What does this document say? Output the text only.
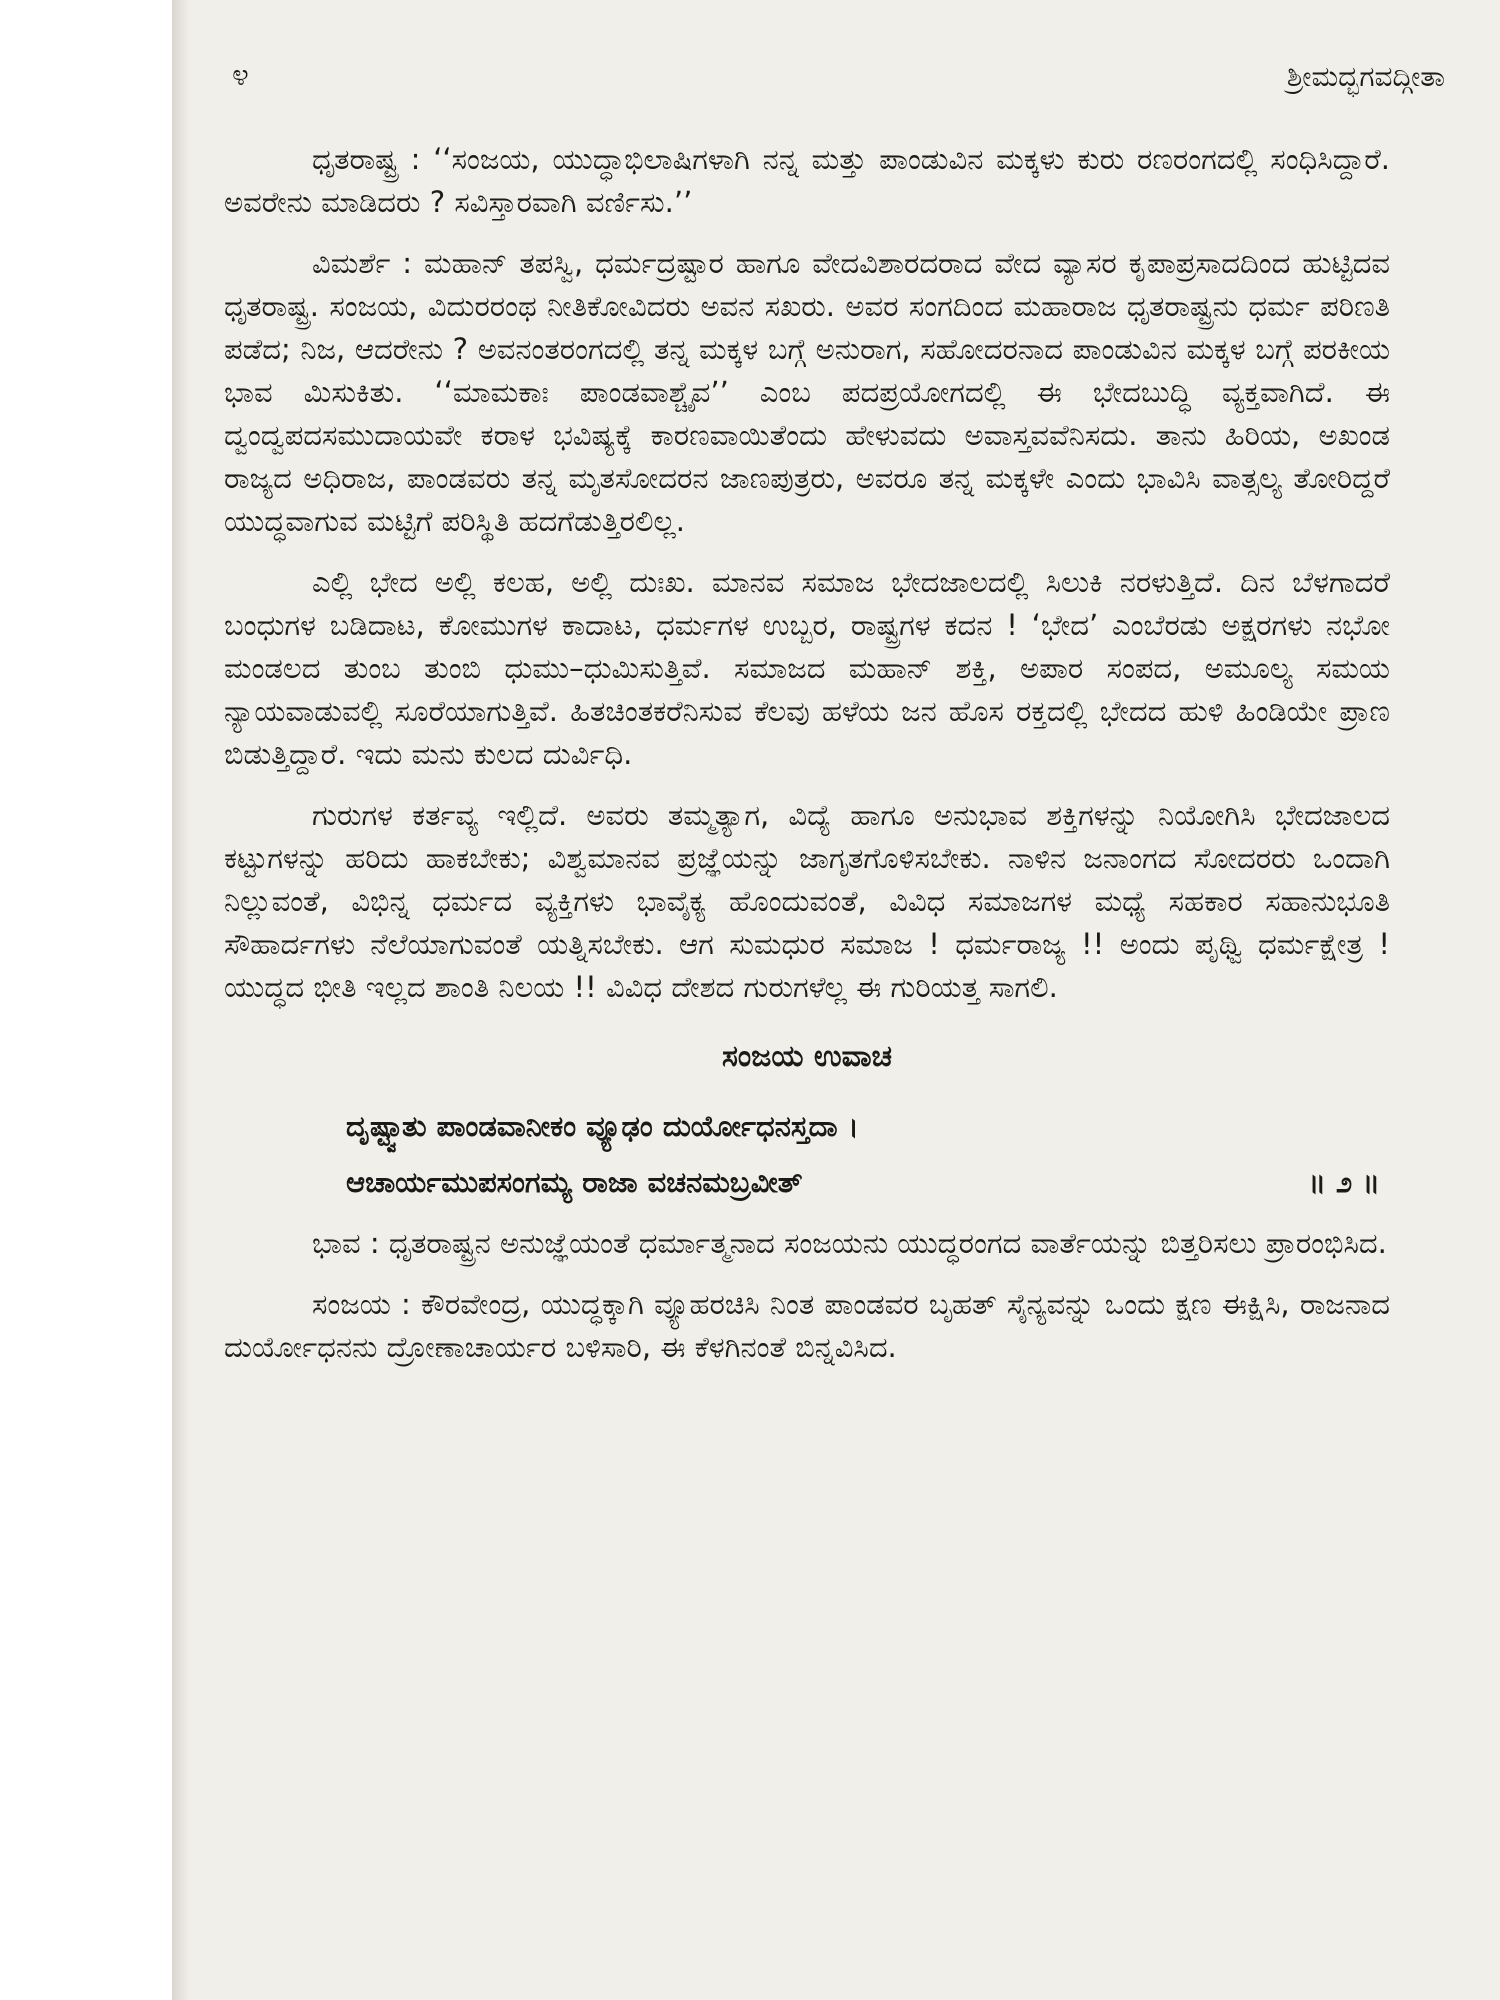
೪	ಶ್ರೀಮದ್ಭಗವದ್ಗೀತಾ

ಧೃತರಾಷ್ಟ್ರ : ‘‘ಸಂಜಯ, ಯುದ್ಧಾಭಿಲಾಷಿಗಳಾಗಿ ನನ್ನ ಮತ್ತು ಪಾಂಡುವಿನ ಮಕ್ಕಳು ಕುರು ರಣರಂಗದಲ್ಲಿ ಸಂಧಿಸಿದ್ದಾರೆ. ಅವರೇನು ಮಾಡಿದರು ? ಸವಿಸ್ತಾರವಾಗಿ ವರ್ಣಿಸು.’’

ವಿಮರ್ಶೆ : ಮಹಾನ್ ತಪಸ್ವಿ, ಧರ್ಮದ್ರಷ್ಟಾರ ಹಾಗೂ ವೇದವಿಶಾರದರಾದ ವೇದ ವ್ಯಾಸರ ಕೃಪಾಪ್ರಸಾದದಿಂದ ಹುಟ್ಟಿದವ ಧೃತರಾಷ್ಟ್ರ. ಸಂಜಯ, ವಿದುರರಂಥ ನೀತಿಕೋವಿದರು ಅವನ ಸಖರು. ಅವರ ಸಂಗದಿಂದ ಮಹಾರಾಜ ಧೃತರಾಷ್ಟ್ರನು ಧರ್ಮ ಪರಿಣತಿ ಪಡೆದ; ನಿಜ, ಆದರೇನು ? ಅವನಂತರಂಗದಲ್ಲಿ ತನ್ನ ಮಕ್ಕಳ ಬಗ್ಗೆ ಅನುರಾಗ, ಸಹೋದರನಾದ ಪಾಂಡುವಿನ ಮಕ್ಕಳ ಬಗ್ಗೆ ಪರಕೀಯ ಭಾವ ಮಿಸುಕಿತು. ‘‘ಮಾಮಕಾಃ ಪಾಂಡವಾಶ್ಚೈವ’’ ಎಂಬ ಪದಪ್ರಯೋಗದಲ್ಲಿ ಈ ಭೇದಬುದ್ಧಿ ವ್ಯಕ್ತವಾಗಿದೆ. ಈ ದ್ವಂದ್ವಪದಸಮುದಾಯವೇ ಕರಾಳ ಭವಿಷ್ಯಕ್ಕೆ ಕಾರಣವಾಯಿತೆಂದು ಹೇಳುವದು ಅವಾಸ್ತವವೆನಿಸದು. ತಾನು ಹಿರಿಯ, ಅಖಂಡ ರಾಜ್ಯದ ಅಧಿರಾಜ, ಪಾಂಡವರು ತನ್ನ ಮೃತಸೋದರನ ಜಾಣಪುತ್ರರು, ಅವರೂ ತನ್ನ ಮಕ್ಕಳೇ ಎಂದು ಭಾವಿಸಿ ವಾತ್ಸಲ್ಯ ತೋರಿದ್ದರೆ ಯುದ್ಧವಾಗುವ ಮಟ್ಟಿಗೆ ಪರಿಸ್ಥಿತಿ ಹದಗೆಡುತ್ತಿರಲಿಲ್ಲ.

ಎಲ್ಲಿ ಭೇದ ಅಲ್ಲಿ ಕಲಹ, ಅಲ್ಲಿ ದುಃಖ. ಮಾನವ ಸಮಾಜ ಭೇದಜಾಲದಲ್ಲಿ ಸಿಲುಕಿ ನರಳುತ್ತಿದೆ. ದಿನ ಬೆಳಗಾದರೆ ಬಂಧುಗಳ ಬಡಿದಾಟ, ಕೋಮುಗಳ ಕಾದಾಟ, ಧರ್ಮಗಳ ಉಬ್ಬರ, ರಾಷ್ಟ್ರಗಳ ಕದನ ! ‘ಭೇದ’ ಎಂಬೆರಡು ಅಕ್ಷರಗಳು ನಭೋ ಮಂಡಲದ ತುಂಬ ತುಂಬಿ ಧುಮು–ಧುಮಿಸುತ್ತಿವೆ. ಸಮಾಜದ ಮಹಾನ್ ಶಕ್ತಿ, ಅಪಾರ ಸಂಪದ, ಅಮೂಲ್ಯ ಸಮಯ ನ್ಯಾಯವಾಡುವಲ್ಲಿ ಸೂರೆಯಾಗುತ್ತಿವೆ. ಹಿತಚಿಂತಕರೆನಿಸುವ ಕೆಲವು ಹಳೆಯ ಜನ ಹೊಸ ರಕ್ತದಲ್ಲಿ ಭೇದದ ಹುಳಿ ಹಿಂಡಿಯೇ ಪ್ರಾಣ ಬಿಡುತ್ತಿದ್ದಾರೆ. ಇದು ಮನು ಕುಲದ ದುರ್ವಿಧಿ.

ಗುರುಗಳ ಕರ್ತವ್ಯ ಇಲ್ಲಿದೆ. ಅವರು ತಮ್ಮತ್ಯಾಗ, ವಿದ್ಯೆ ಹಾಗೂ ಅನುಭಾವ ಶಕ್ತಿಗಳನ್ನು ನಿಯೋಗಿಸಿ ಭೇದಜಾಲದ ಕಟ್ಟುಗಳನ್ನು ಹರಿದು ಹಾಕಬೇಕು; ವಿಶ್ವಮಾನವ ಪ್ರಜ್ಞೆಯನ್ನು ಜಾಗೃತಗೊಳಿಸಬೇಕು. ನಾಳಿನ ಜನಾಂಗದ ಸೋದರರು ಒಂದಾಗಿ ನಿಲ್ಲುವಂತೆ, ವಿಭಿನ್ನ ಧರ್ಮದ ವ್ಯಕ್ತಿಗಳು ಭಾವೈಕ್ಯ ಹೊಂದುವಂತೆ, ವಿವಿಧ ಸಮಾಜಗಳ ಮಧ್ಯೆ ಸಹಕಾರ ಸಹಾನುಭೂತಿ ಸೌಹಾರ್ದಗಳು ನೆಲೆಯಾಗುವಂತೆ ಯತ್ನಿಸಬೇಕು. ಆಗ ಸುಮಧುರ ಸಮಾಜ ! ಧರ್ಮರಾಜ್ಯ !! ಅಂದು ಪೃಥ್ವಿ ಧರ್ಮಕ್ಷೇತ್ರ ! ಯುದ್ಧದ ಭೀತಿ ಇಲ್ಲದ ಶಾಂತಿ ನಿಲಯ !! ವಿವಿಧ ದೇಶದ ಗುರುಗಳೆಲ್ಲ ಈ ಗುರಿಯತ್ತ ಸಾಗಲಿ.

ಸಂಜಯ ಉವಾಚ
ದೃಷ್ಟ್ವಾತು ಪಾಂಡವಾನೀಕಂ ವ್ಯೂಢಂ ದುರ್ಯೋಧನಸ್ತದಾ ।
ಆಚಾರ್ಯಮುಪಸಂಗಮ್ಯ ರಾಜಾ ವಚನಮಬ್ರವೀತ್	॥ ೨ ॥

ಭಾವ : ಧೃತರಾಷ್ಟ್ರನ ಅನುಜ್ಞೆಯಂತೆ ಧರ್ಮಾತ್ಮನಾದ ಸಂಜಯನು ಯುದ್ಧರಂಗದ ವಾರ್ತೆಯನ್ನು ಬಿತ್ತರಿಸಲು ಪ್ರಾರಂಭಿಸಿದ.

ಸಂಜಯ : ಕೌರವೇಂದ್ರ, ಯುದ್ಧಕ್ಕಾಗಿ ವ್ಯೂಹರಚಿಸಿ ನಿಂತ ಪಾಂಡವರ ಬೃಹತ್ ಸೈನ್ಯವನ್ನು ಒಂದು ಕ್ಷಣ ಈಕ್ಷಿಸಿ, ರಾಜನಾದ ದುರ್ಯೋಧನನು ದ್ರೋಣಾಚಾರ್ಯರ ಬಳಿಸಾರಿ, ಈ ಕೆಳಗಿನಂತೆ ಬಿನ್ನವಿಸಿದ.
